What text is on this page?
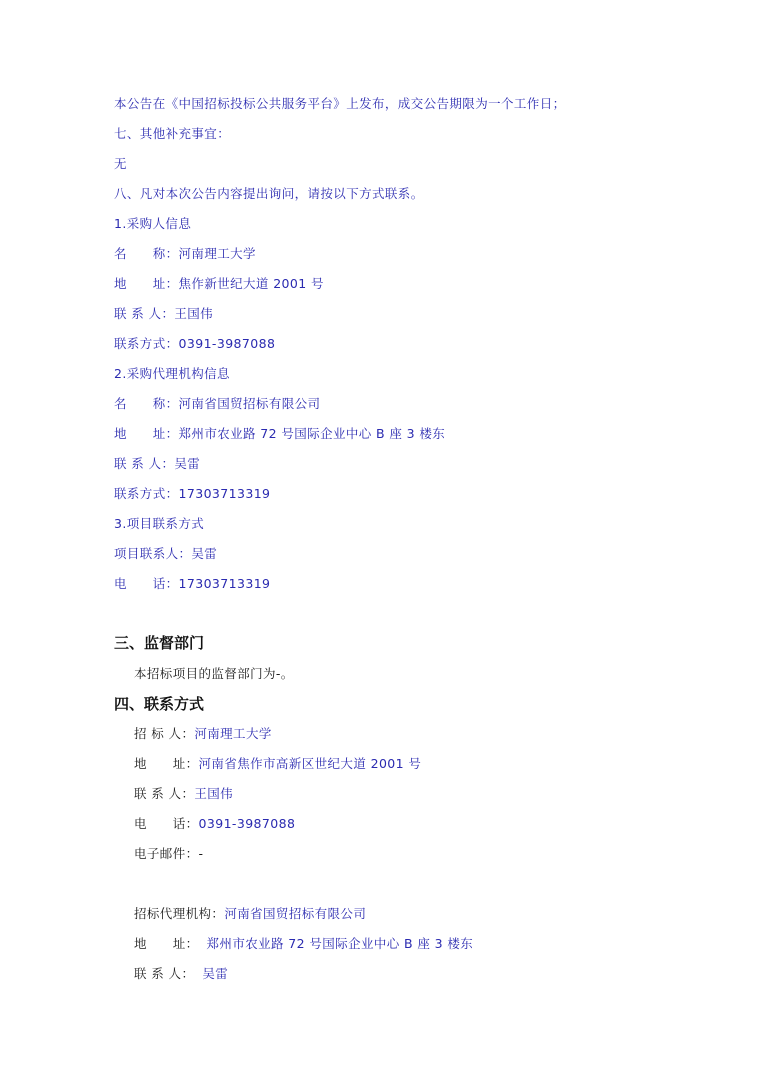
本公告在《中国招标投标公共服务平台》上发布，成交公告期限为一个工作日；
七、其他补充事宜：
无
八、凡对本次公告内容提出询问，请按以下方式联系。
1.采购人信息
名　　称：河南理工大学
地　　址：焦作新世纪大道 2001 号
联 系 人：王国伟
联系方式：0391-3987088
2.采购代理机构信息
名　　称：河南省国贸招标有限公司
地　　址：郑州市农业路 72 号国际企业中心 B 座 3 楼东
联 系 人：吴雷
联系方式：17303713319
3.项目联系方式
项目联系人：吴雷
电　　话：17303713319
三、监督部门
本招标项目的监督部门为-。
四、联系方式
招 标 人：河南理工大学
地　　址：河南省焦作市高新区世纪大道 2001 号
联 系 人：王国伟
电　　话：0391-3987088
电子邮件：-
招标代理机构：河南省国贸招标有限公司
地　　址： 郑州市农业路 72 号国际企业中心 B 座 3 楼东
联 系 人： 吴雷
